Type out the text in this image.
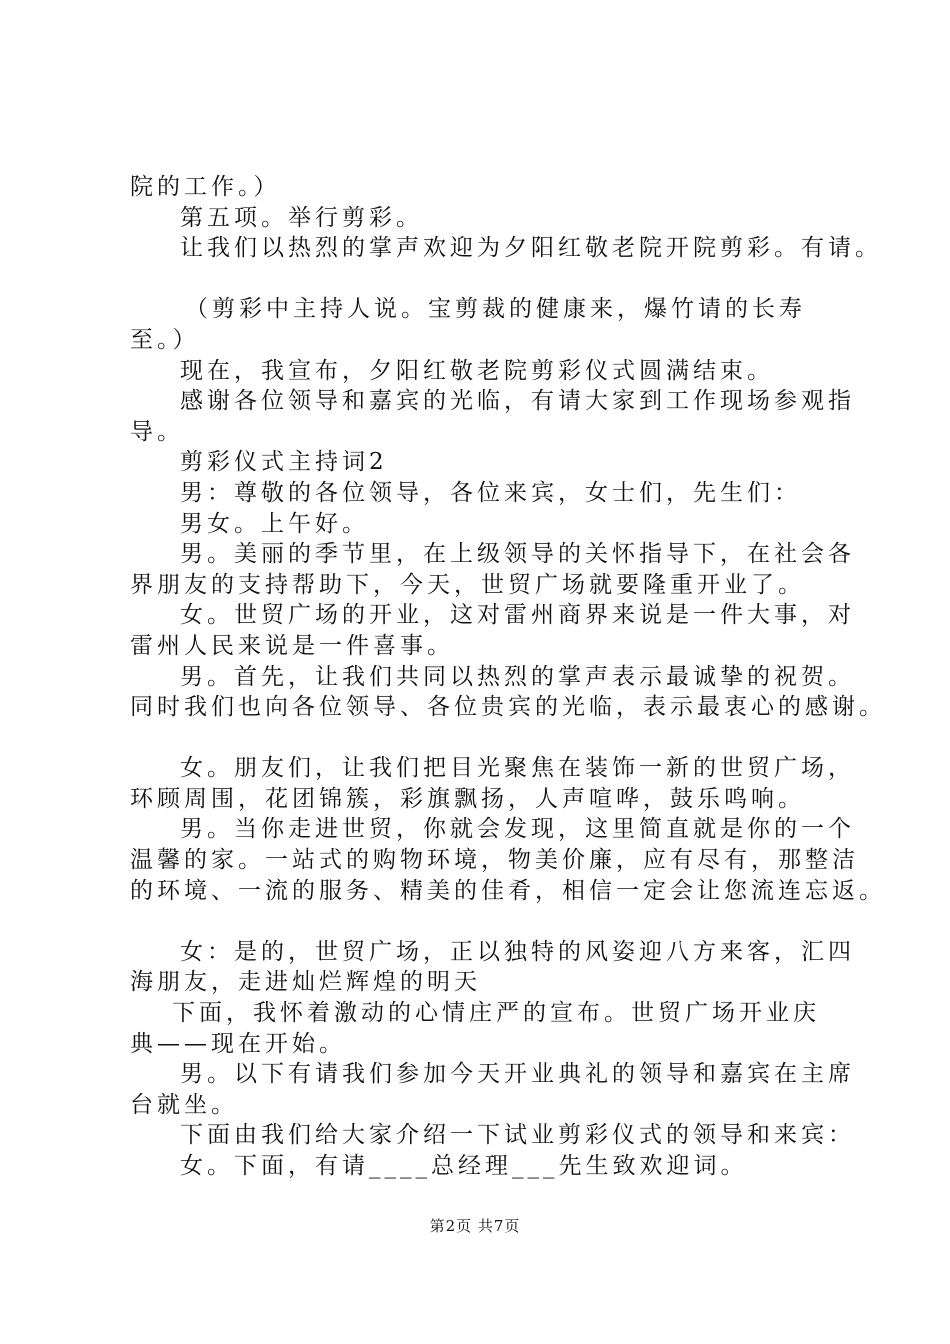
院的工作。）
第五项。举行剪彩。
让我们以热烈的掌声欢迎为夕阳红敬老院开院剪彩。有请。
（剪彩中主持人说。宝剪裁的健康来，爆竹请的长寿
至。）
现在，我宣布，夕阳红敬老院剪彩仪式圆满结束。
感谢各位领导和嘉宾的光临，有请大家到工作现场参观指
导。
剪彩仪式主持词2
男：尊敬的各位领导，各位来宾，女士们，先生们：
男女。上午好。
男。美丽的季节里，在上级领导的关怀指导下，在社会各
界朋友的支持帮助下，今天，世贸广场就要隆重开业了。
女。世贸广场的开业，这对雷州商界来说是一件大事，对
雷州人民来说是一件喜事。
男。首先，让我们共同以热烈的掌声表示最诚挚的祝贺。
同时我们也向各位领导、各位贵宾的光临，表示最衷心的感谢。
女。朋友们，让我们把目光聚焦在装饰一新的世贸广场，
环顾周围，花团锦簇，彩旗飘扬，人声喧哗，鼓乐鸣响。
男。当你走进世贸，你就会发现，这里简直就是你的一个
温馨的家。一站式的购物环境，物美价廉，应有尽有，那整洁
的环境、一流的服务、精美的佳肴，相信一定会让您流连忘返。
女：是的，世贸广场，正以独特的风姿迎八方来客，汇四
海朋友，走进灿烂辉煌的明天
下面，我怀着激动的心情庄严的宣布。世贸广场开业庆
典——现在开始。
男。以下有请我们参加今天开业典礼的领导和嘉宾在主席
台就坐。
下面由我们给大家介绍一下试业剪彩仪式的领导和来宾：
女。下面，有请____总经理___先生致欢迎词。
第2页 共7页
